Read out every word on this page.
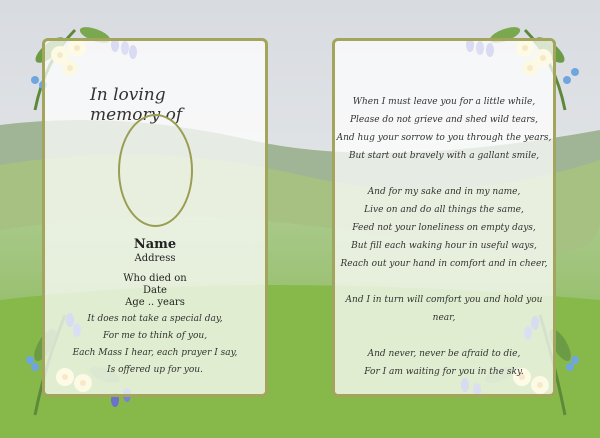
In loving memory of
Name
Address
Who died on
Date
Age .. years
It does not take a special day,
For me to think of you,
Each Mass I hear, each prayer I say,
Is offered up for you.

When I must leave you for a little while,
Please do not grieve and shed wild tears,
And hug your sorrow to you through the years,
But start out bravely with a gallant smile,

And for my sake and in my name,
Live on and do all things the same,
Feed not your loneliness on empty days,
But fill each waking hour in useful ways,
Reach out your hand in comfort and in cheer,

And I in turn will comfort you and hold you
near,

And never, never be afraid to die,
For I am waiting for you in the sky.
